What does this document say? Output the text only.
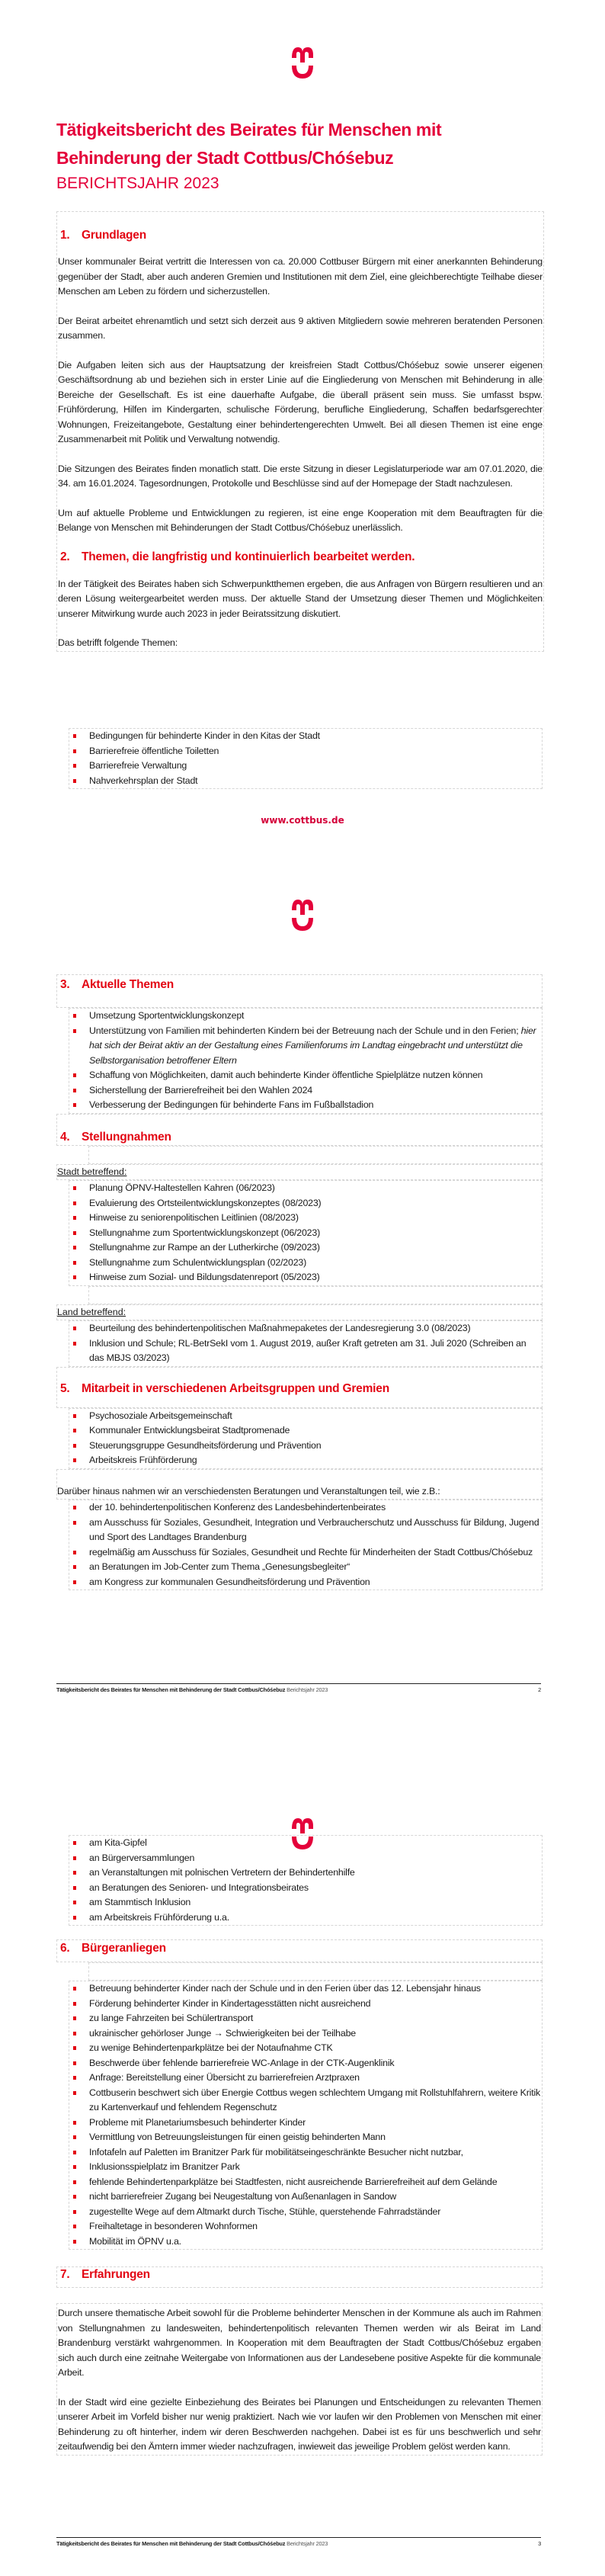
Tätigkeitsbericht des Beirates für Menschen mit
Behinderung der Stadt Cottbus/Chóśebuz
BERICHTSJAHR 2023
1. Grundlagen

Unser kommunaler Beirat vertritt die Interessen von ca. 20.000 Cottbuser Bürgern mit einer anerkannten Behinderung gegenüber der Stadt, aber auch anderen Gremien und Institutionen mit dem Ziel, eine gleichberechtigte Teilhabe dieser Menschen am Leben zu fördern und sicherzustellen.

Der Beirat arbeitet ehrenamtlich und setzt sich derzeit aus 9 aktiven Mitgliedern sowie mehreren beratenden Personen zusammen.

Die Aufgaben leiten sich aus der Hauptsatzung der kreisfreien Stadt Cottbus/Chóśebuz sowie unserer eigenen Geschäftsordnung ab und beziehen sich in erster Linie auf die Eingliederung von Menschen mit Behinderung in alle Bereiche der Gesellschaft. Es ist eine dauerhafte Aufgabe, die überall präsent sein muss. Sie umfasst bspw. Frühförderung, Hilfen im Kindergarten, schulische Förderung, berufliche Eingliederung, Schaffen bedarfsgerechter Wohnungen, Freizeitangebote, Gestaltung einer behindertengerechten Umwelt. Bei all diesen Themen ist eine enge Zusammenarbeit mit Politik und Verwaltung notwendig.

Die Sitzungen des Beirates finden monatlich statt. Die erste Sitzung in dieser Legislaturperiode war am 07.01.2020, die 34. am 16.01.2024. Tagesordnungen, Protokolle und Beschlüsse sind auf der Homepage der Stadt nachzulesen.

Um auf aktuelle Probleme und Entwicklungen zu regieren, ist eine enge Kooperation mit dem Beauftragten für die Belange von Menschen mit Behinderungen der Stadt Cottbus/Chóśebuz unerlässlich.

2. Themen, die langfristig und kontinuierlich bearbeitet werden.

In der Tätigkeit des Beirates haben sich Schwerpunktthemen ergeben, die aus Anfragen von Bürgern resultieren und an deren Lösung weitergearbeitet werden muss. Der aktuelle Stand der Umsetzung dieser Themen und Möglichkeiten unserer Mitwirkung wurde auch 2023 in jeder Beiratssitzung diskutiert.

Das betrifft folgende Themen:

Bedingungen für behinderte Kinder in den Kitas der Stadt
Barrierefreie öffentliche Toiletten
Barrierefreie Verwaltung
Nahverkehrsplan der Stadt
www.cottbus.de
3. Aktuelle Themen
Umsetzung Sportentwicklungskonzept
Unterstützung von Familien mit behinderten Kindern bei der Betreuung nach der Schule und in den Ferien; hier hat sich der Beirat aktiv an der Gestaltung eines Familienforums im Landtag eingebracht und unterstützt die Selbstorganisation betroffener Eltern
Schaffung von Möglichkeiten, damit auch behinderte Kinder öffentliche Spielplätze nutzen können
Sicherstellung der Barrierefreiheit bei den Wahlen 2024
Verbesserung der Bedingungen für behinderte Fans im Fußballstadion
4. Stellungnahmen
Stadt betreffend:
Planung ÖPNV-Haltestellen Kahren (06/2023)
Evaluierung des Ortsteilentwicklungskonzeptes (08/2023)
Hinweise zu seniorenpolitischen Leitlinien (08/2023)
Stellungnahme zum Sportentwicklungskonzept (06/2023)
Stellungnahme zur Rampe an der Lutherkirche (09/2023)
Stellungnahme zum Schulentwicklungsplan (02/2023)
Hinweise zum Sozial- und Bildungsdatenreport (05/2023)
Land betreffend:
Beurteilung des behindertenpolitischen Maßnahmepaketes der Landesregierung 3.0 (08/2023)
Inklusion und Schule; RL-BetrSekI vom 1. August 2019, außer Kraft getreten am 31. Juli 2020 (Schreiben an das MBJS 03/2023)
5. Mitarbeit in verschiedenen Arbeitsgruppen und Gremien
Psychosoziale Arbeitsgemeinschaft
Kommunaler Entwicklungsbeirat Stadtpromenade
Steuerungsgruppe Gesundheitsförderung und Prävention
Arbeitskreis Frühförderung

Darüber hinaus nahmen wir an verschiedensten Beratungen und Veranstaltungen teil, wie z.B.:

der 10. behindertenpolitischen Konferenz des Landesbehindertenbeirates
am Ausschuss für Soziales, Gesundheit, Integration und Verbraucherschutz und Ausschuss für Bildung, Jugend und Sport des Landtages Brandenburg
regelmäßig am Ausschuss für Soziales, Gesundheit und Rechte für Minderheiten der Stadt Cottbus/Chóśebuz
an Beratungen im Job-Center zum Thema „Genesungsbegleiter“
am Kongress zur kommunalen Gesundheitsförderung und Prävention
Tätigkeitsbericht des Beirates für Menschen mit Behinderung der Stadt Cottbus/Chóśebuz Berichtsjahr 2023	2
am Kita-Gipfel
an Bürgerversammlungen
an Veranstaltungen mit polnischen Vertretern der Behindertenhilfe
an Beratungen des Senioren- und Integrationsbeirates
am Stammtisch Inklusion
am Arbeitskreis Frühförderung u.a.
6. Bürgeranliegen
Betreuung behinderter Kinder nach der Schule und in den Ferien über das 12. Lebensjahr hinaus
Förderung behinderter Kinder in Kindertagesstätten nicht ausreichend
zu lange Fahrzeiten bei Schülertransport
ukrainischer gehörloser Junge → Schwierigkeiten bei der Teilhabe
zu wenige Behindertenparkplätze bei der Notaufnahme CTK
Beschwerde über fehlende barrierefreie WC-Anlage in der CTK-Augenklinik
Anfrage: Bereitstellung einer Übersicht zu barrierefreien Arztpraxen
Cottbuserin beschwert sich über Energie Cottbus wegen schlechtem Umgang mit Rollstuhlfahrern, weitere Kritik zu Kartenverkauf und fehlendem Regenschutz
Probleme mit Planetariumsbesuch behinderter Kinder
Vermittlung von Betreuungsleistungen für einen geistig behinderten Mann
Infotafeln auf Paletten im Branitzer Park für mobilitätseingeschränkte Besucher nicht nutzbar,
Inklusionsspielplatz im Branitzer Park
fehlende Behindertenparkplätze bei Stadtfesten, nicht ausreichende Barrierefreiheit auf dem Gelände
nicht barrierefreier Zugang bei Neugestaltung von Außenanlagen in Sandow
zugestellte Wege auf dem Altmarkt durch Tische, Stühle, querstehende Fahrradständer
Freihaltetage in besonderen Wohnformen
Mobilität im ÖPNV u.a.
7. Erfahrungen

Durch unsere thematische Arbeit sowohl für die Probleme behinderter Menschen in der Kommune als auch im Rahmen von Stellungnahmen zu landesweiten, behindertenpolitisch relevanten Themen werden wir als Beirat im Land Brandenburg verstärkt wahrgenommen. In Kooperation mit dem Beauftragten der Stadt Cottbus/Chóśebuz ergaben sich auch durch eine zeitnahe Weitergabe von Informationen aus der Landesebene positive Aspekte für die kommunale Arbeit.

In der Stadt wird eine gezielte Einbeziehung des Beirates bei Planungen und Entscheidungen zu relevanten Themen unserer Arbeit im Vorfeld bisher nur wenig praktiziert. Nach wie vor laufen wir den Problemen von Menschen mit einer Behinderung zu oft hinterher, indem wir deren Beschwerden nachgehen. Dabei ist es für uns beschwerlich und sehr zeitaufwendig bei den Ämtern immer wieder nachzufragen, inwieweit das jeweilige Problem gelöst werden kann.

Tätigkeitsbericht des Beirates für Menschen mit Behinderung der Stadt Cottbus/Chóśebuz Berichtsjahr 2023	3
